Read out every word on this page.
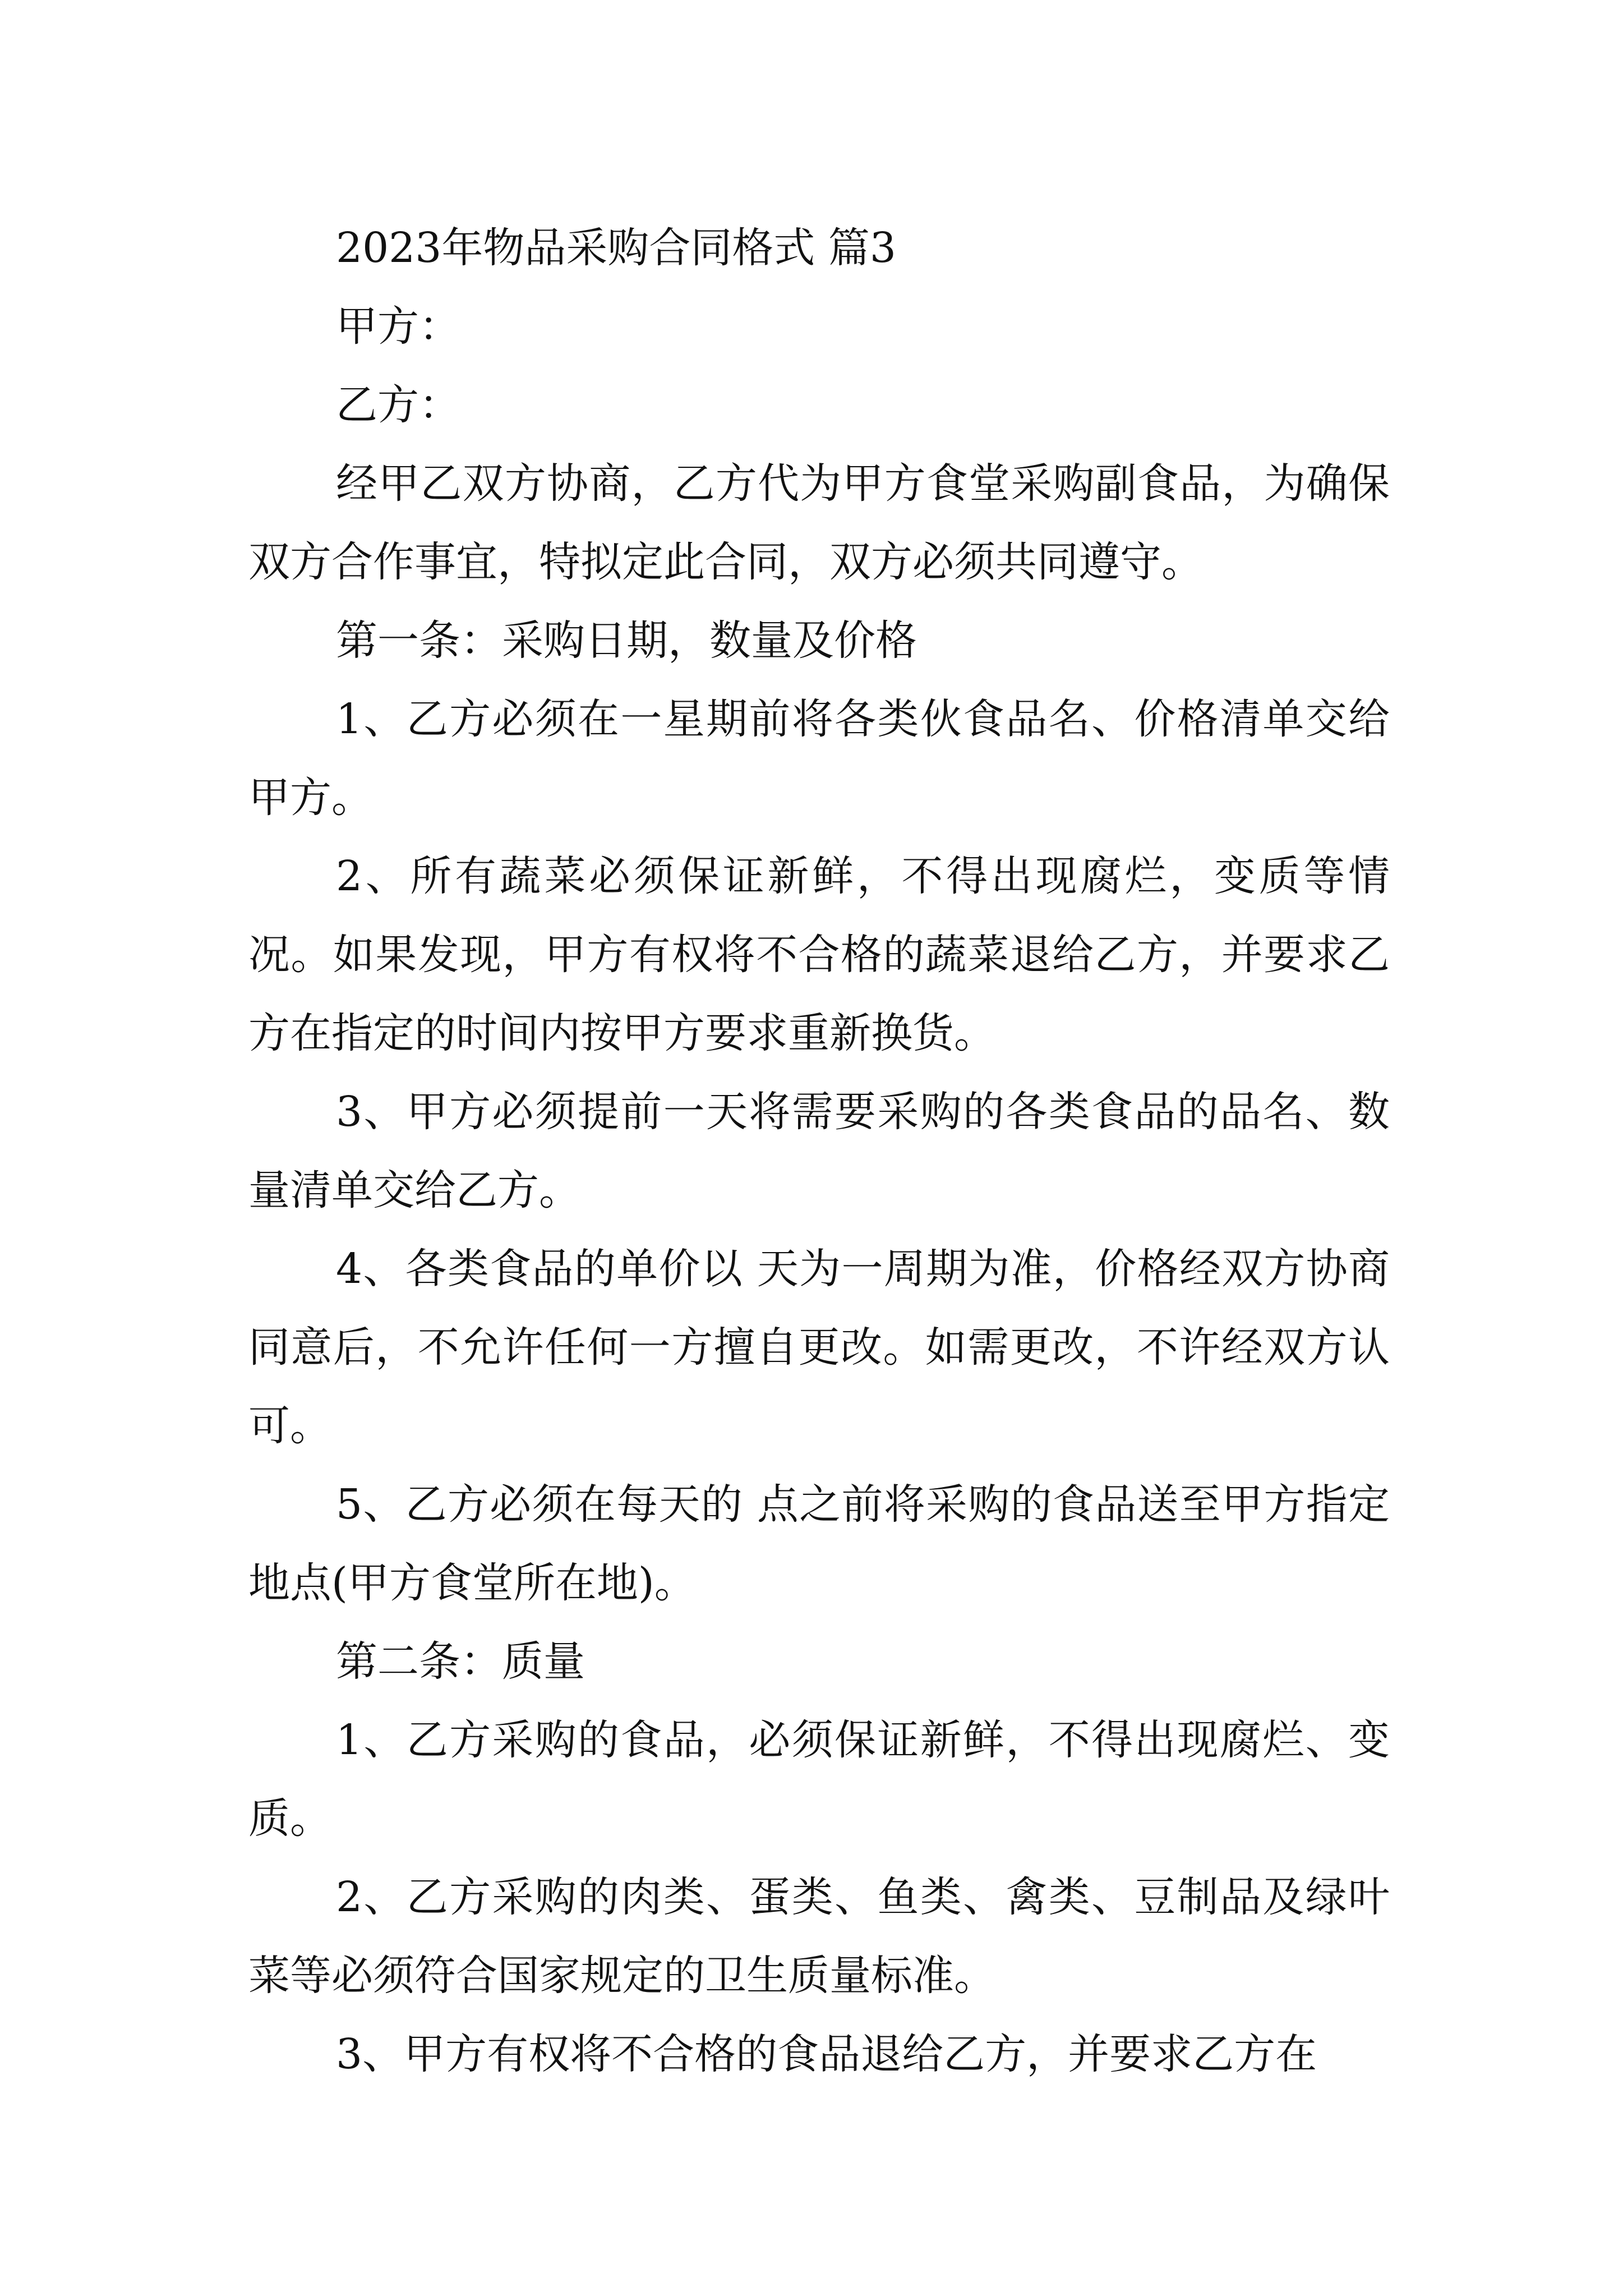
2023年物品采购合同格式 篇3

甲方：

乙方：

经甲乙双方协商，乙方代为甲方食堂采购副食品，为确保双方合作事宜，特拟定此合同，双方必须共同遵守。

第一条：采购日期，数量及价格

1、乙方必须在一星期前将各类伙食品名、价格清单交给甲方。

2、所有蔬菜必须保证新鲜，不得出现腐烂，变质等情况。如果发现，甲方有权将不合格的蔬菜退给乙方，并要求乙方在指定的时间内按甲方要求重新换货。

3、甲方必须提前一天将需要采购的各类食品的品名、数量清单交给乙方。

4、各类食品的单价以 天为一周期为准，价格经双方协商同意后，不允许任何一方擅自更改。如需更改，不许经双方认可。

5、乙方必须在每天的 点之前将采购的食品送至甲方指定地点(甲方食堂所在地)。

第二条：质量

1、乙方采购的食品，必须保证新鲜，不得出现腐烂、变质。

2、乙方采购的肉类、蛋类、鱼类、禽类、豆制品及绿叶菜等必须符合国家规定的卫生质量标准。

3、甲方有权将不合格的食品退给乙方，并要求乙方在
